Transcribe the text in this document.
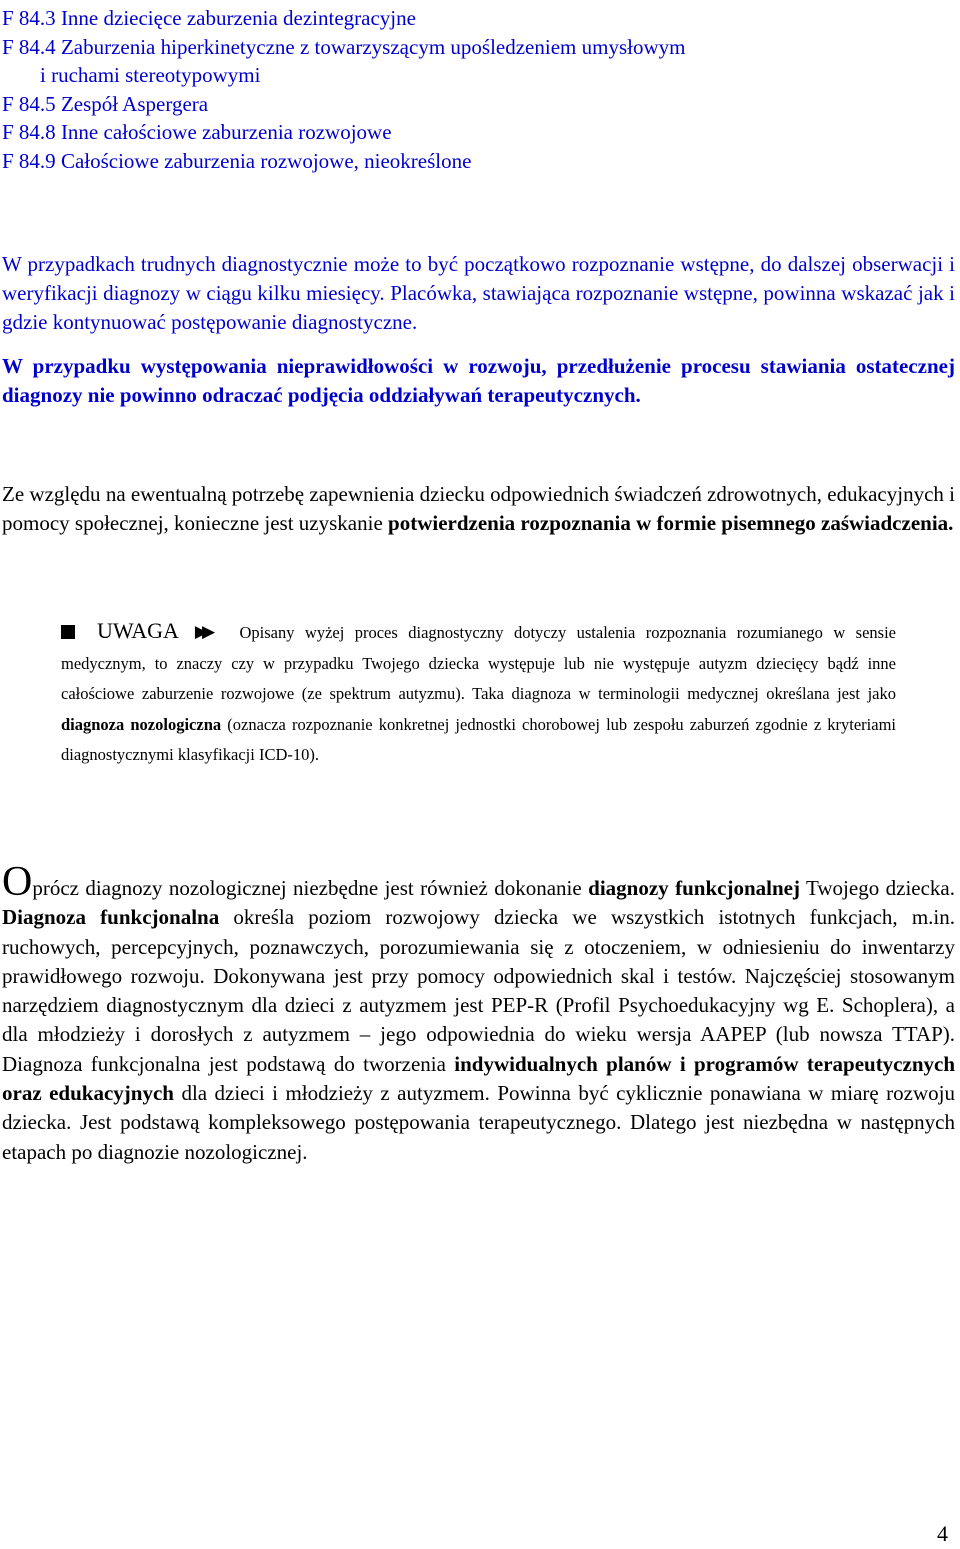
F 84.3 Inne dziecięce zaburzenia dezintegracyjne
F 84.4 Zaburzenia hiperkinetyczne z towarzyszącym upośledzeniem umysłowym
i ruchami stereotypowymi
F 84.5 Zespół Aspergera
F 84.8 Inne całościowe zaburzenia rozwojowe
F 84.9 Całościowe zaburzenia rozwojowe, nieokreślone
W przypadkach trudnych diagnostycznie może to być początkowo rozpoznanie wstępne, do dalszej obserwacji i weryfikacji diagnozy w ciągu kilku miesięcy. Placówka, stawiająca rozpoznanie wstępne, powinna wskazać jak i gdzie kontynuować postępowanie diagnostyczne.
W przypadku występowania nieprawidłowości w rozwoju, przedłużenie procesu stawiania ostatecznej diagnozy nie powinno odraczać podjęcia oddziaływań terapeutycznych.
Ze względu na ewentualną potrzebę zapewnienia dziecku odpowiednich świadczeń zdrowotnych, edukacyjnych i pomocy społecznej, konieczne jest uzyskanie potwierdzenia rozpoznania w formie pisemnego zaświadczenia.
UWAGA ▶▶ Opisany wyżej proces diagnostyczny dotyczy ustalenia rozpoznania rozumianego w sensie medycznym, to znaczy czy w przypadku Twojego dziecka występuje lub nie występuje autyzm dziecięcy bądź inne całościowe zaburzenie rozwojowe (ze spektrum autyzmu). Taka diagnoza w terminologii medycznej określana jest jako diagnoza nozologiczna (oznacza rozpoznanie konkretnej jednostki chorobowej lub zespołu zaburzeń zgodnie z kryteriami diagnostycznymi klasyfikacji ICD-10).
Oprócz diagnozy nozologicznej niezbędne jest również dokonanie diagnozy funkcjonalnej Twojego dziecka. Diagnoza funkcjonalna określa poziom rozwojowy dziecka we wszystkich istotnych funkcjach, m.in. ruchowych, percepcyjnych, poznawczych, porozumiewania się z otoczeniem, w odniesieniu do inwentarzy prawidłowego rozwoju. Dokonywana jest przy pomocy odpowiednich skal i testów. Najczęściej stosowanym narzędziem diagnostycznym dla dzieci z autyzmem jest PEP-R (Profil Psychoedukacyjny wg E. Schoplera), a dla młodzieży i dorosłych z autyzmem – jego odpowiednia do wieku wersja AAPEP (lub nowsza TTAP). Diagnoza funkcjonalna jest podstawą do tworzenia indywidualnych planów i programów terapeutycznych oraz edukacyjnych dla dzieci i młodzieży z autyzmem. Powinna być cyklicznie ponawiana w miarę rozwoju dziecka. Jest podstawą kompleksowego postępowania terapeutycznego. Dlatego jest niezbędna w następnych etapach po diagnozie nozologicznej.
4
